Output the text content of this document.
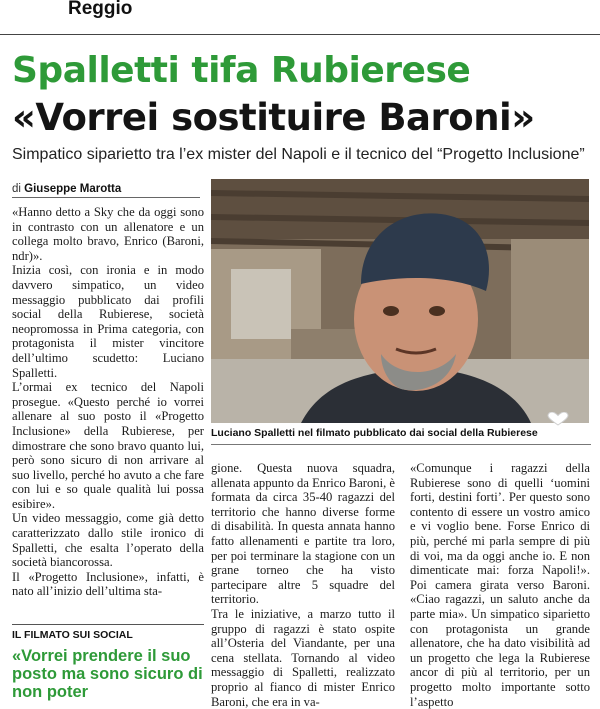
Reggio
Spalletti tifa Rubierese
«Vorrei sostituire Baroni»
Simpatico siparietto tra l’ex mister del Napoli e il tecnico del “Progetto Inclusione”
di Giuseppe Marotta

«Hanno detto a Sky che da oggi sono in contrasto con un allenatore e un collega molto bravo, Enrico (Baroni, ndr)».

Inizia così, con ironia e in modo davvero simpatico, un video messaggio pubblicato dai profili social della Rubierese, società neopromossa in Prima categoria, con protagonista il mister vincitore dell’ultimo scudetto: Luciano Spalletti.

L’ormai ex tecnico del Napoli prosegue. «Questo perché io vorrei allenare al suo posto il «Progetto Inclusione» della Rubierese, per dimostrare che sono bravo quanto lui, però sono sicuro di non arrivare al suo livello, perché ho avuto a che fare con lui e so quale qualità lui possa esibire».

Un video messaggio, come già detto caratterizzato dallo stile ironico di Spalletti, che esalta l’operato della società biancorossa.

Il «Progetto Inclusione», infatti, è nato all’inizio dell’ultima sta-

Luciano Spalletti nel filmato pubblicato dai social della Rubierese

gione. Questa nuova squadra, allenata appunto da Enrico Baroni, è formata da circa 35-40 ragazzi del territorio che hanno diverse forme di disabilità. In questa annata hanno fatto allenamenti e partite tra loro, per poi terminare la stagione con un grane torneo che ha visto partecipare altre 5 squadre del territorio.

Tra le iniziative, a marzo tutto il gruppo di ragazzi è stato ospite all’Osteria del Viandante, per una cena stellata. Tornando al video messaggio di Spalletti, realizzato proprio al fianco di mister Enrico Baroni, che era in va-

«Comunque i ragazzi della Rubierese sono di quelli ‘uomini forti, destini forti’. Per questo sono contento di essere un vostro amico e vi voglio bene. Forse Enrico di più, perché mi parla sempre di più di voi, ma da oggi anche io. E non dimenticate mai: forza Napoli!». Poi camera girata verso Baroni. «Ciao ragazzi, un saluto anche da parte mia». Un simpatico siparietto con protagonista un grande allenatore, che ha dato visibilità ad un progetto che lega la Rubierese ancor di più al territorio, per un progetto molto importante sotto l’aspetto

IL FILMATO SUI SOCIAL
«Vorrei prendere il suo posto ma sono sicuro di non poter
